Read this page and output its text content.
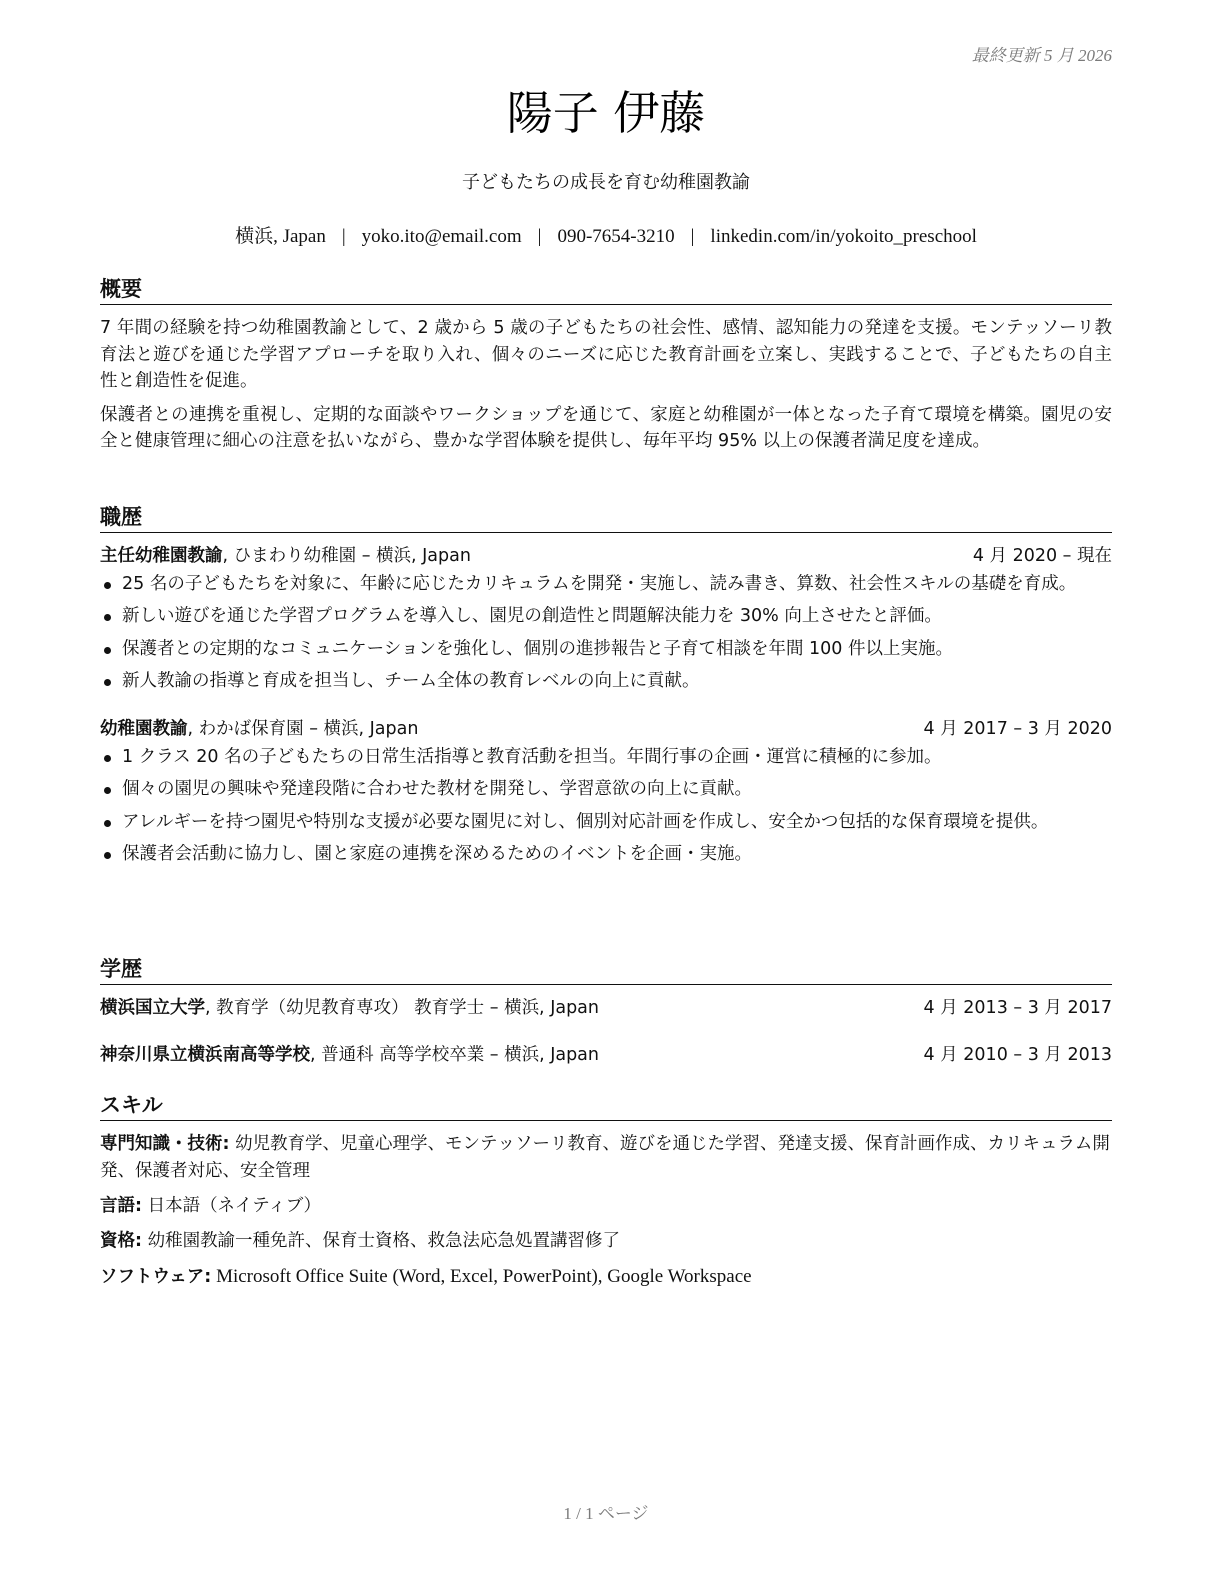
最終更新 5 月 2026
陽子 伊藤
子どもたちの成長を育む幼稚園教諭
横浜, Japan | yoko.ito@email.com | 090-7654-3210 | linkedin.com/in/yokoito_preschool
概要

7 年間の経験を持つ幼稚園教諭として、2 歳から 5 歳の子どもたちの社会性、感情、認知能力の発達を支援。モンテッソーリ教育法と遊びを通じた学習アプローチを取り入れ、個々のニーズに応じた教育計画を立案し、実践することで、子どもたちの自主性と創造性を促進。

保護者との連携を重視し、定期的な面談やワークショップを通じて、家庭と幼稚園が一体となった子育て環境を構築。園児の安全と健康管理に細心の注意を払いながら、豊かな学習体験を提供し、毎年平均 95% 以上の保護者満足度を達成。

職歴
主任幼稚園教諭, ひまわり幼稚園 – 横浜, Japan	4 月 2020 – 現在
25 名の子どもたちを対象に、年齢に応じたカリキュラムを開発・実施し、読み書き、算数、社会性スキルの基礎を育成。
新しい遊びを通じた学習プログラムを導入し、園児の創造性と問題解決能力を 30% 向上させたと評価。
保護者との定期的なコミュニケーションを強化し、個別の進捗報告と子育て相談を年間 100 件以上実施。
新人教諭の指導と育成を担当し、チーム全体の教育レベルの向上に貢献。
幼稚園教諭, わかば保育園 – 横浜, Japan	4 月 2017 – 3 月 2020
1 クラス 20 名の子どもたちの日常生活指導と教育活動を担当。年間行事の企画・運営に積極的に参加。
個々の園児の興味や発達段階に合わせた教材を開発し、学習意欲の向上に貢献。
アレルギーを持つ園児や特別な支援が必要な園児に対し、個別対応計画を作成し、安全かつ包括的な保育環境を提供。
保護者会活動に協力し、園と家庭の連携を深めるためのイベントを企画・実施。
学歴
横浜国立大学, 教育学（幼児教育専攻） 教育学士 – 横浜, Japan	4 月 2013 – 3 月 2017
神奈川県立横浜南高等学校, 普通科 高等学校卒業 – 横浜, Japan	4 月 2010 – 3 月 2013
スキル
専門知識・技術: 幼児教育学、児童心理学、モンテッソーリ教育、遊びを通じた学習、発達支援、保育計画作成、カリキュラム開発、保護者対応、安全管理
言語: 日本語（ネイティブ）
資格: 幼稚園教諭一種免許、保育士資格、救急法応急処置講習修了
ソフトウェア: Microsoft Office Suite (Word, Excel, PowerPoint), Google Workspace
1 / 1 ページ
